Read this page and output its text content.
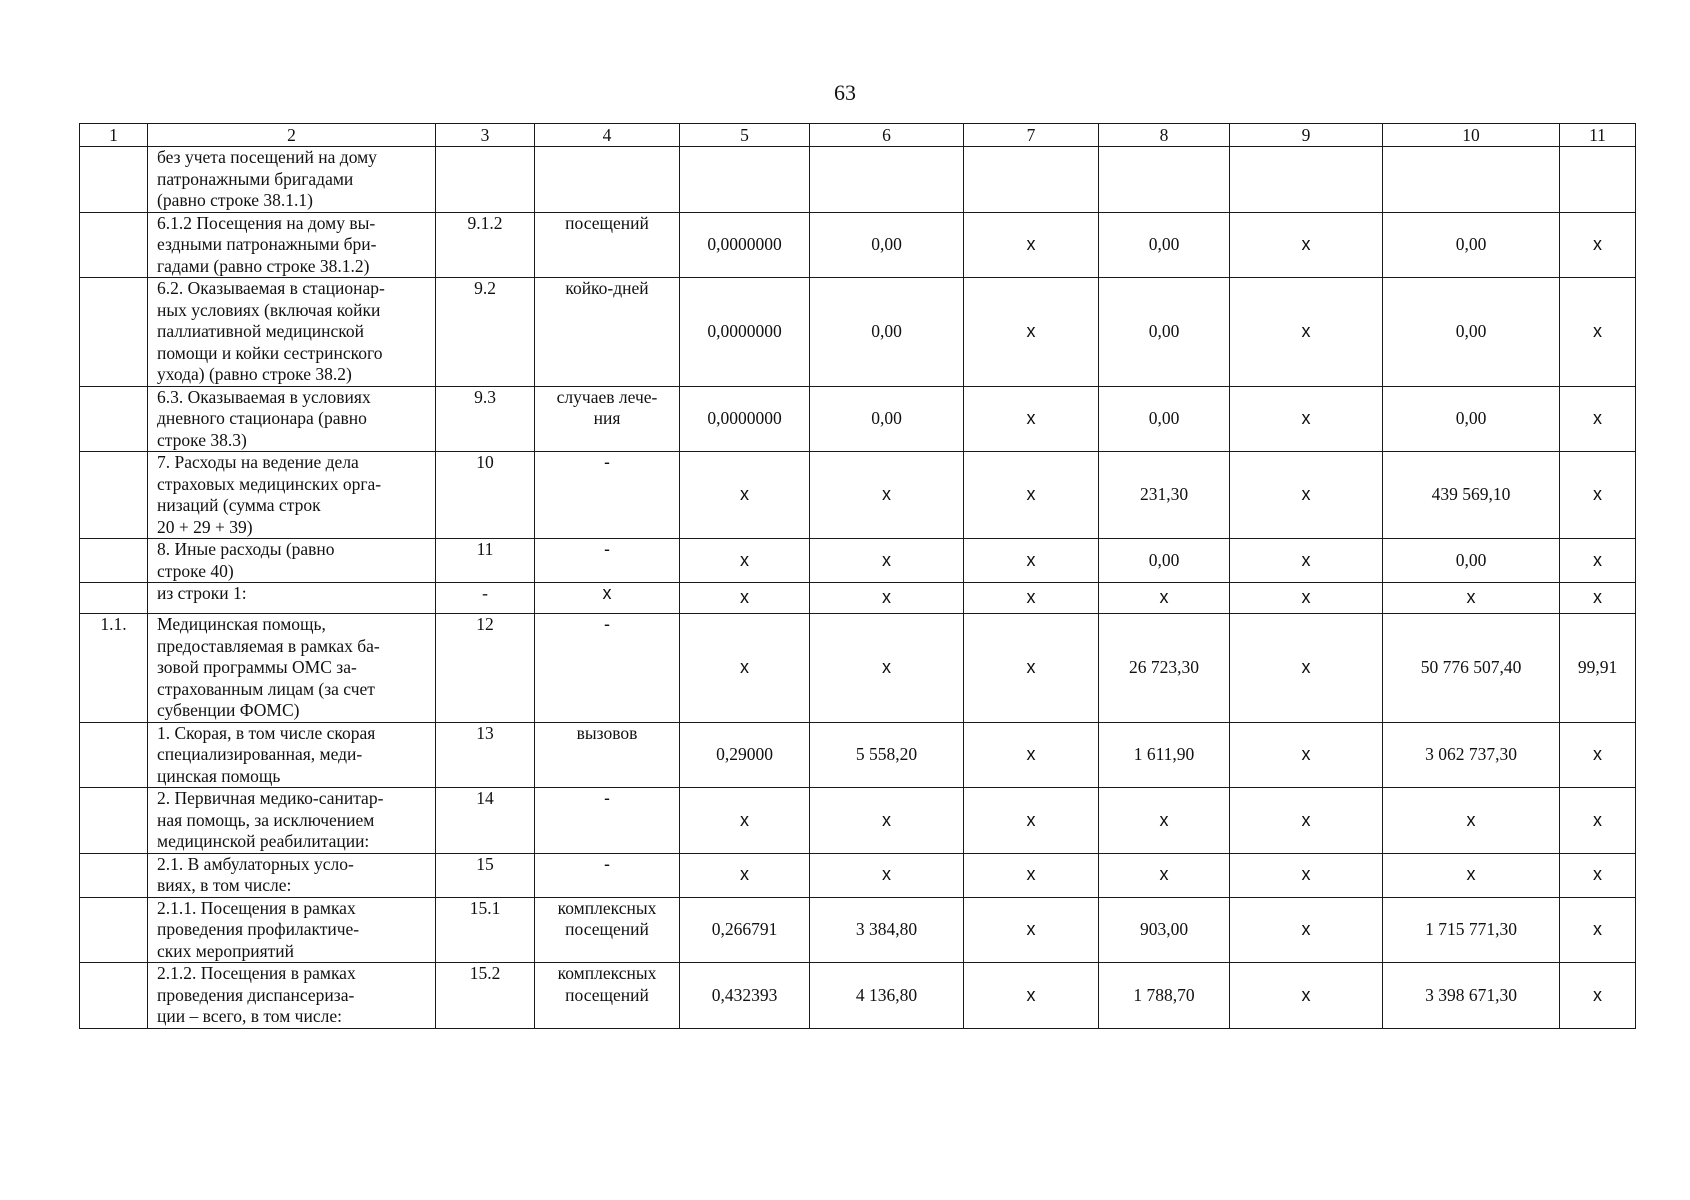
63
1	2	3	4	5	6	7	8	9	10	11
	без учета посещений на дому
патронажными бригадами
(равно строке 38.1.1)									
	6.1.2 Посещения на дому вы-
ездными патронажными бри-
гадами (равно строке 38.1.2)	9.1.2	посещений	0,0000000	0,00	х	0,00	х	0,00	х
	6.2. Оказываемая в стационар-
ных условиях (включая койки
паллиативной медицинской
помощи и койки сестринского
ухода) (равно строке 38.2)	9.2	койко-дней	0,0000000	0,00	х	0,00	х	0,00	х
	6.3. Оказываемая в условиях
дневного стационара (равно
строке 38.3)	9.3	случаев лече-
ния	0,0000000	0,00	х	0,00	х	0,00	х
	7. Расходы на ведение дела
страховых медицинских орга-
низаций (сумма строк
20 + 29 + 39)	10	-	х	х	х	231,30	х	439 569,10	х
	8. Иные расходы (равно
строке 40)	11	-	х	х	х	0,00	х	0,00	х
	из строки 1:	-	х	х	х	х	х	х	х	х
1.1.	Медицинская помощь,
предоставляемая в рамках ба-
зовой программы ОМС за-
страхованным лицам (за счет
субвенции ФОМС)	12	-	х	х	х	26 723,30	х	50 776 507,40	99,91
	1. Скорая, в том числе скорая
специализированная, меди-
цинская помощь	13	вызовов	0,29000	5 558,20	х	1 611,90	х	3 062 737,30	х
	2. Первичная медико-санитар-
ная помощь, за исключением
медицинской реабилитации:	14	-	х	х	х	х	х	х	х
	2.1. В амбулаторных усло-
виях, в том числе:	15	-	х	х	х	х	х	х	х
	2.1.1. Посещения в рамках
проведения профилактиче-
ских мероприятий	15.1	комплексных
посещений	0,266791	3 384,80	х	903,00	х	1 715 771,30	х
	2.1.2. Посещения в рамках
проведения диспансериза-
ции – всего, в том числе:	15.2	комплексных
посещений	0,432393	4 136,80	х	1 788,70	х	3 398 671,30	х
